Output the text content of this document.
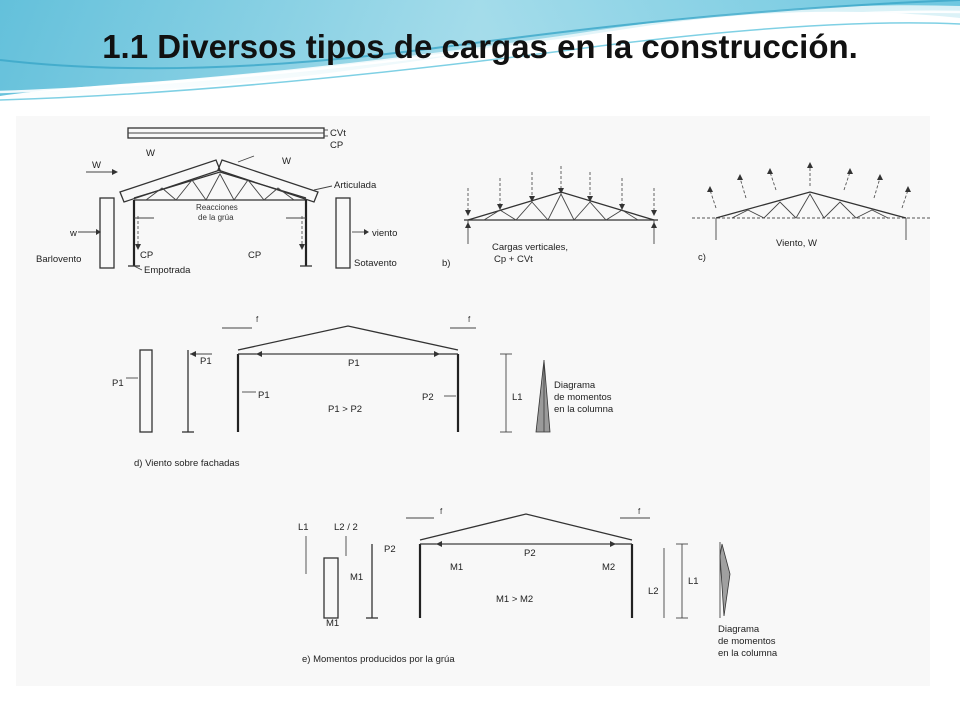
1.1 Diversos tipos de cargas en la construcción.
CVt
CP
W
W	W
Articulada
Reacciones
de la grúa
CP	CP
Empotrada
w
Barlovento
viento
Sotavento
Cargas verticales,
Cp + CVt
b)
Viento, W
c)
P1
P1	P1
f	f
P1
P1 > P2
P2	L1
Diagrama
de momentos
en la columna
d) Viento sobre fachadas
L1	L2 / 2
M1
M1
P2	P2
f	f
M1	M2
M1 > M2
L2
L1
Diagrama
de momentos
en la columna
e) Momentos producidos por la grúa
